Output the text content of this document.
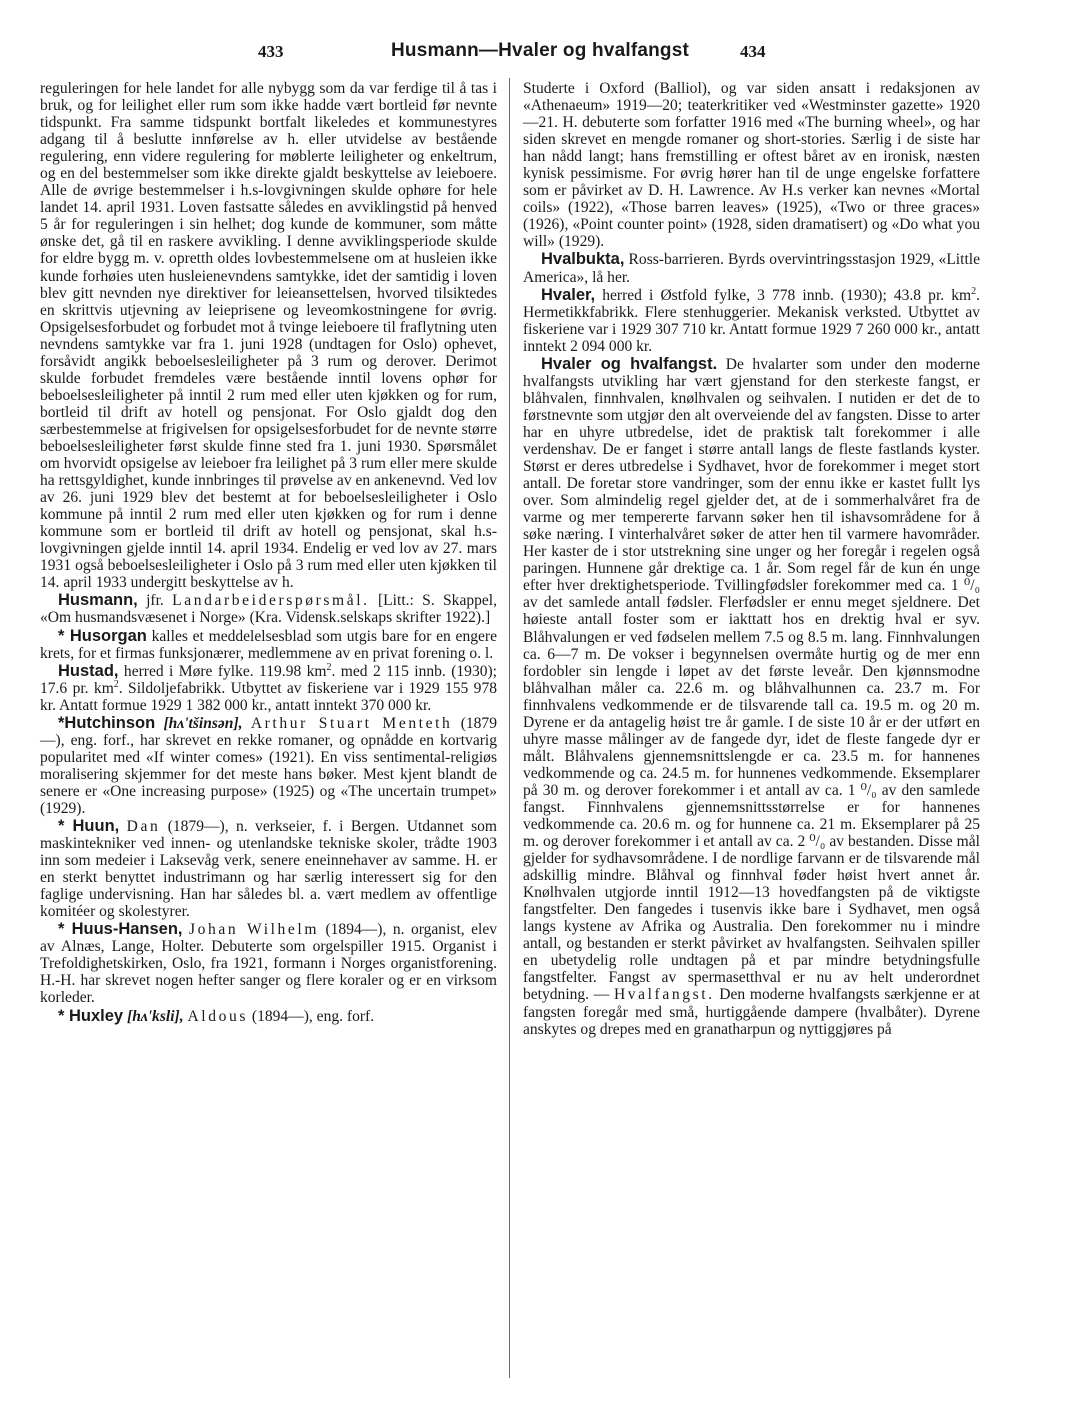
433	Husmann—Hvaler og hvalfangst	434

reguleringen for hele landet for alle nybygg som da var ferdige til å tas i bruk, og for leilighet eller rum som ikke hadde vært bortleid før nevnte tidspunkt. Fra samme tidspunkt bortfalt likeledes et kommunestyres adgang til å beslutte innførelse av h. eller utvidelse av bestående regulering, enn videre regulering for møblerte leiligheter og enkeltrum, og en del bestemmelser som ikke direkte gjaldt beskyttelse av leieboere. Alle de øvrige bestemmelser i h.s-lovgivningen skulde ophøre for hele landet 14. april 1931. Loven fastsatte således en avviklingstid på henved 5 år for reguleringen i sin helhet; dog kunde de kommuner, som måtte ønske det, gå til en raskere avvikling. I denne avviklingsperiode skulde for eldre bygg m. v. opretth oldes lovbestemmelsene om at husleien ikke kunde forhøies uten husleienevndens samtykke, idet der samtidig i loven blev gitt nevnden nye direktiver for leieansettelsen, hvorved tilsiktedes en skrittvis utjevning av leieprisene og leveomkostningene for øvrig. Opsigelsesforbudet og forbudet mot å tvinge leieboere til fraflytning uten nevndens samtykke var fra 1. juni 1928 (undtagen for Oslo) ophevet, forsåvidt angikk beboelsesleiligheter på 3 rum og derover. Derimot skulde forbudet fremdeles være bestående inntil lovens ophør for beboelsesleiligheter på inntil 2 rum med eller uten kjøkken og for rum, bortleid til drift av hotell og pensjonat. For Oslo gjaldt dog den særbestemmelse at frigivelsen for opsigelsesforbudet for de nevnte større beboelsesleiligheter først skulde finne sted fra 1. juni 1930. Spørsmålet om hvorvidt opsigelse av leieboer fra leilighet på 3 rum eller mere skulde ha rettsgyldighet, kunde innbringes til prøvelse av en ankenevnd. Ved lov av 26. juni 1929 blev det bestemt at for beboelsesleiligheter i Oslo kommune på inntil 2 rum med eller uten kjøkken og for rum i denne kommune som er bortleid til drift av hotell og pensjonat, skal h.s-lovgivningen gjelde inntil 14. april 1934. Endelig er ved lov av 27. mars 1931 også beboelsesleiligheter i Oslo på 3 rum med eller uten kjøkken til 14. april 1933 undergitt beskyttelse av h.

Husmann, jfr. Landarbeiderspørsmål. [Litt.: S. Skappel, «Om husmandsvæsenet i Norge» (Kra. Vidensk.selskaps skrifter 1922).]

* Husorgan kalles et meddelelsesblad som utgis bare for en engere krets, for et firmas funksjonærer, medlemmene av en privat forening o. l.

Hustad, herred i Møre fylke. 119.98 $km^2$. med 2 115 innb. (1930); 17.6 pr. $km^2$. Sildoljefabrikk. Utbyttet av fiskeriene var i 1929 155 978 kr. Antatt formue 1929 1 382 000 kr., antatt inntekt 370 000 kr.

*Hutchinson [hʌ'tšinsən], Arthur Stuart Menteth (1879—), eng. forf., har skrevet en rekke romaner, og opnådde en kortvarig popularitet med «If winter comes» (1921). En viss sentimental-religiøs moralisering skjemmer for det meste hans bøker. Mest kjent blandt de senere er «One increasing purpose» (1925) og «The uncertain trumpet» (1929).

* Huun, Dan (1879—), n. verkseier, f. i Bergen. Utdannet som maskintekniker ved innen- og utenlandske tekniske skoler, trådte 1903 inn som medeier i Laksevåg verk, senere eneinnehaver av samme. H. er en sterkt benyttet industrimann og har særlig interessert sig for den faglige undervisning. Han har således bl. a. vært medlem av offentlige komitéer og skolestyrer.

* Huus-Hansen, Johan Wilhelm (1894—), n. organist, elev av Alnæs, Lange, Holter. Debuterte som orgelspiller 1915. Organist i Trefoldighetskirken, Oslo, fra 1921, formann i Norges organistforening. H.-H. har skrevet nogen hefter sanger og flere koraler og er en virksom korleder.

* Huxley [hʌ'ksli], Aldous (1894—), eng. forf.

Studerte i Oxford (Balliol), og var siden ansatt i redaksjonen av «Athenaeum» 1919—20; teaterkritiker ved «Westminster gazette» 1920—21. H. debuterte som forfatter 1916 med «The burning wheel», og har siden skrevet en mengde romaner og short-stories. Særlig i de siste har han nådd langt; hans fremstilling er oftest båret av en ironisk, næsten kynisk pessimisme. For øvrig hører han til de unge engelske forfattere som er påvirket av D. H. Lawrence. Av H.s verker kan nevnes «Mortal coils» (1922), «Those barren leaves» (1925), «Two or three graces» (1926), «Point counter point» (1928, siden dramatisert) og «Do what you will» (1929).

Hvalbukta, Ross-barrieren. Byrds overvintringsstasjon 1929, «Little America», lå her.

Hvaler, herred i Østfold fylke, 3 778 innb. (1930); 43.8 pr. $km^2$. Hermetikkfabrikk. Flere stenhuggerier. Mekanisk verksted. Utbyttet av fiskeriene var i 1929 307 710 kr. Antatt formue 1929 7 260 000 kr., antatt inntekt 2 094 000 kr.

Hvaler og hvalfangst. De hvalarter som under den moderne hvalfangsts utvikling har vært gjenstand for den sterkeste fangst, er blåhvalen, finnhvalen, knølhvalen og seihvalen. I nutiden er det de to førstnevnte som utgjør den alt overveiende del av fangsten. Disse to arter har en uhyre utbredelse, idet de praktisk talt forekommer i alle verdenshav. De er fanget i større antall langs de fleste fastlands kyster. Størst er deres utbredelse i Sydhavet, hvor de forekommer i meget stort antall. De foretar store vandringer, som der ennu ikke er kastet fullt lys over. Som almindelig regel gjelder det, at de i sommerhalvåret fra de varme og mer tempererte farvann søker hen til ishavsområdene for å søke næring. I vinterhalvåret søker de atter hen til varmere havområder. Her kaster de i stor utstrekning sine unger og her foregår i regelen også paringen. Hunnene går drektige ca. 1 år. Som regel får de kun én unge efter hver drektighetsperiode. Tvillingfødsler forekommer med ca. 1 ⁰/₀ av det samlede antall fødsler. Flerfødsler er ennu meget sjeldnere. Det høieste antall foster som er iakttatt hos en drektig hval er syv. Blåhvalungen er ved fødselen mellem 7.5 og 8.5 m. lang. Finnhvalungen ca. 6—7 m. De vokser i begynnelsen overmåte hurtig og de mer enn fordobler sin lengde i løpet av det første leveår. Den kjønnsmodne blåhvalhan måler ca. 22.6 m. og blåhvalhunnen ca. 23.7 m. For finnhvalens vedkommende er de tilsvarende tall ca. 19.5 m. og 20 m. Dyrene er da antagelig høist tre år gamle. I de siste 10 år er der utført en uhyre masse målinger av de fangede dyr, idet de fleste fangede dyr er målt. Blåhvalens gjennemsnittslengde er ca. 23.5 m. for hannenes vedkommende og ca. 24.5 m. for hunnenes vedkommende. Eksemplarer på 30 m. og derover forekommer i et antall av ca. 1 ⁰/₀ av den samlede fangst. Finnhvalens gjennemsnittsstørrelse er for hannenes vedkommende ca. 20.6 m. og for hunnene ca. 21 m. Eksemplarer på 25 m. og derover forekommer i et antall av ca. 2 ⁰/₀ av bestanden. Disse mål gjelder for sydhavsområdene. I de nordlige farvann er de tilsvarende mål adskillig mindre. Blåhval og finnhval føder høist hvert annet år. Knølhvalen utgjorde inntil 1912—13 hovedfangsten på de viktigste fangstfelter. Den fangedes i tusenvis ikke bare i Sydhavet, men også langs kystene av Afrika og Australia. Den forekommer nu i mindre antall, og bestanden er sterkt påvirket av hvalfangsten. Seihvalen spiller en ubetydelig rolle undtagen på et par mindre betydningsfulle fangstfelter. Fangst av spermasetthval er nu av helt underordnet betydning. — Hvalfangst. Den moderne hvalfangsts særkjenne er at fangsten foregår med små, hurtiggående dampere (hvalbåter). Dyrene anskytes og drepes med en granatharpun og nyttiggjøres på
